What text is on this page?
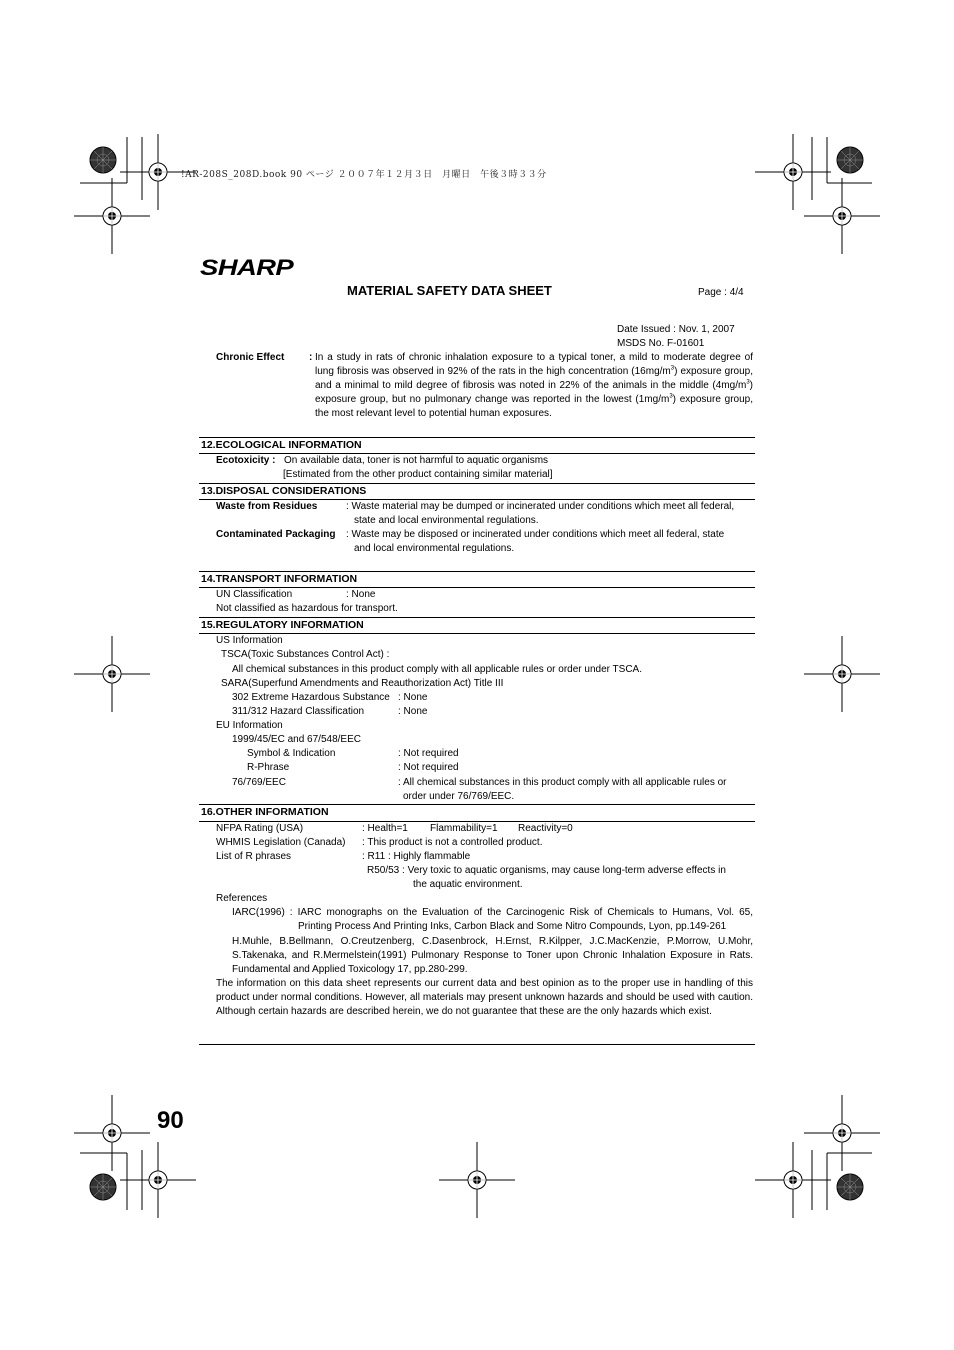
!AR-208S_208D.book 90 ページ ２００７年１２月３日　月曜日　午後３時３３分
SHARP
MATERIAL SAFETY DATA SHEET	Page : 4/4
Date Issued : Nov. 1, 2007
MSDS No. F-01601
Chronic Effect : In a study in rats of chronic inhalation exposure to a typical toner, a mild to moderate degree of lung fibrosis was observed in 92% of the rats in the high concentration $(16mg/m^3)$ exposure group, and a minimal to mild degree of fibrosis was noted in 22% of the animals in the middle $(4mg/m^3)$ exposure group, but no pulmonary change was reported in the lowest $(1mg/m^3)$ exposure group, the most relevant level to potential human exposures.
12.ECOLOGICAL INFORMATION
Ecotoxicity : On available data, toner is not harmful to aquatic organisms
[Estimated from the other product containing similar material]
13.DISPOSAL CONSIDERATIONS
Waste from Residues	: Waste material may be dumped or incinerated under conditions which meet all federal,
state and local environmental regulations.
Contaminated Packaging : Waste may be disposed or incinerated under conditions which meet all federal, state
and local environmental regulations.
14.TRANSPORT INFORMATION
UN Classification	: None
Not classified as hazardous for transport.
15.REGULATORY INFORMATION
US Information
TSCA(Toxic Substances Control Act) :
All chemical substances in this product comply with all applicable rules or order under TSCA.
SARA(Superfund Amendments and Reauthorization Act) Title III
302 Extreme Hazardous Substance : None
311/312 Hazard Classification	: None
EU Information
1999/45/EC and 67/548/EEC
Symbol & Indication	: Not required
R-Phrase	: Not required
76/769/EEC	: All chemical substances in this product comply with all applicable rules or
order under 76/769/EEC.
16.OTHER INFORMATION
NFPA Rating (USA)	: Health=1 Flammability=1 Reactivity=0
WHMIS Legislation (Canada) : This product is not a controlled product.
List of R phrases	: R11 : Highly flammable
R50/53 : Very toxic to aquatic organisms, may cause long-term adverse effects in
the aquatic environment.
References
IARC(1996) : IARC monographs on the Evaluation of the Carcinogenic Risk of Chemicals to Humans, Vol. 65,
Printing Process And Printing Inks, Carbon Black and Some Nitro Compounds, Lyon, pp.149-261
H.Muhle, B.Bellmann, O.Creutzenberg, C.Dasenbrock, H.Ernst, R.Kilpper, J.C.MacKenzie, P.Morrow, U.Mohr, S.Takenaka, and R.Mermelstein(1991) Pulmonary Response to Toner upon Chronic Inhalation Exposure in Rats. Fundamental and Applied Toxicology 17, pp.280-299.
The information on this data sheet represents our current data and best opinion as to the proper use in handling of this product under normal conditions. However, all materials may present unknown hazards and should be used with caution. Although certain hazards are described herein, we do not guarantee that these are the only hazards which exist.
90
